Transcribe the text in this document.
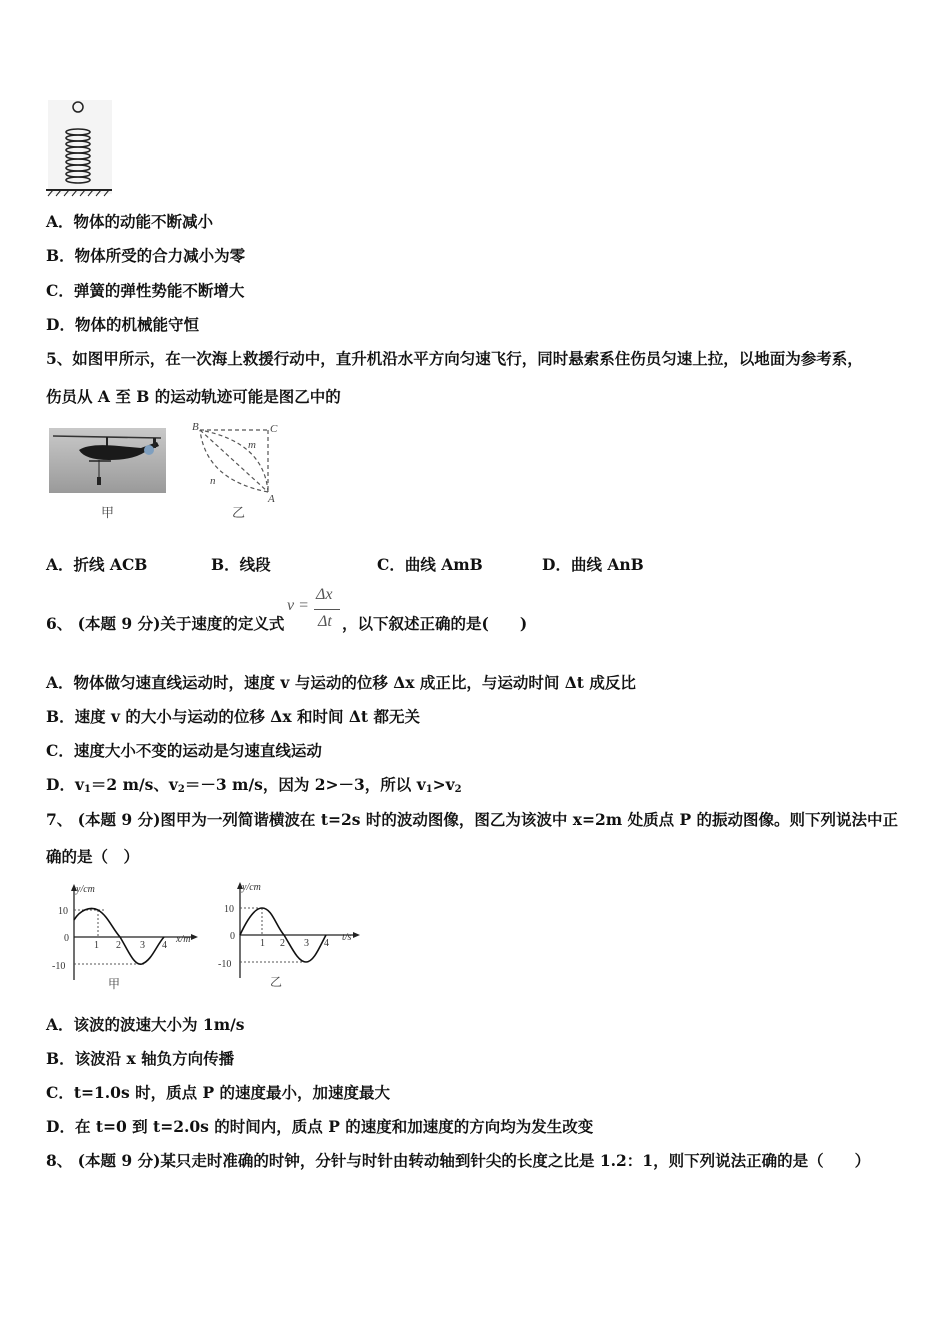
A．物体的动能不断减小
B．物体所受的合力减小为零
C．弹簧的弹性势能不断增大
D．物体的机械能守恒
5、如图甲所示，在一次海上救援行动中，直升机沿水平方向匀速飞行，同时悬索系住伤员匀速上拉，以地面为参考系，
伤员从 A 至 B 的运动轨迹可能是图乙中的
甲
B	C
A
m
n
乙
A．折线 ACB	B．线段	C．曲线 AmB	D．曲线 AnB
6、 (本题 9 分)关于速度的定义式
v =
Δx
Δt ，以下叙述正确的是(　　)
A．物体做匀速直线运动时，速度 v 与运动的位移 Δx 成正比，与运动时间 Δt 成反比
B．速度 v 的大小与运动的位移 Δx 和时间 Δt 都无关
C．速度大小不变的运动是匀速直线运动
D．$v_1=2$ m/s、$v_2=-3$ m/s，因为 2>－3，所以 $v_1>v_2$
7、 (本题 9 分)图甲为一列简谐横波在 t=2s 时的波动图像，图乙为该波中 x=2m 处质点 P 的振动图像。则下列说法中正
确的是（　）
y/cm
10
0
-10
1 2 3 4
x/m
甲
y/cm
10
0
-10
1 2 3 4
t/s
乙
A．该波的波速大小为 1m/s
B．该波沿 x 轴负方向传播
C．t=1.0s 时，质点 P 的速度最小，加速度最大
D．在 t=0 到 t=2.0s 的时间内，质点 P 的速度和加速度的方向均为发生改变
8、 (本题 9 分)某只走时准确的时钟，分针与时针由转动轴到针尖的长度之比是 1.2：1，则下列说法正确的是（　　）
